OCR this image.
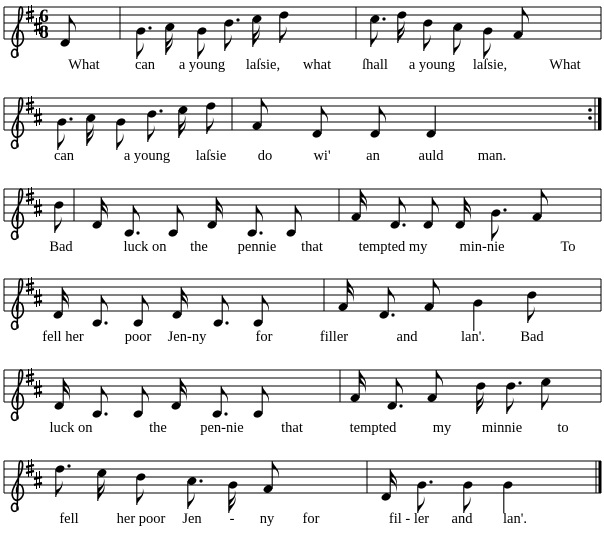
6
8
What can a young laſsie, what ſhall a young laſsie,	What
can	a young laſsie do	wi' an	auld man.
Bad	luck on the pennie that tempted my min-nie	To
fell her	poor Jen-ny	for	filler	and	lan'. Bad
luck on	the pen-nie	that	tempted	my minnie to
fell	her poor Jen - ny for	fil - ler and lan'.
